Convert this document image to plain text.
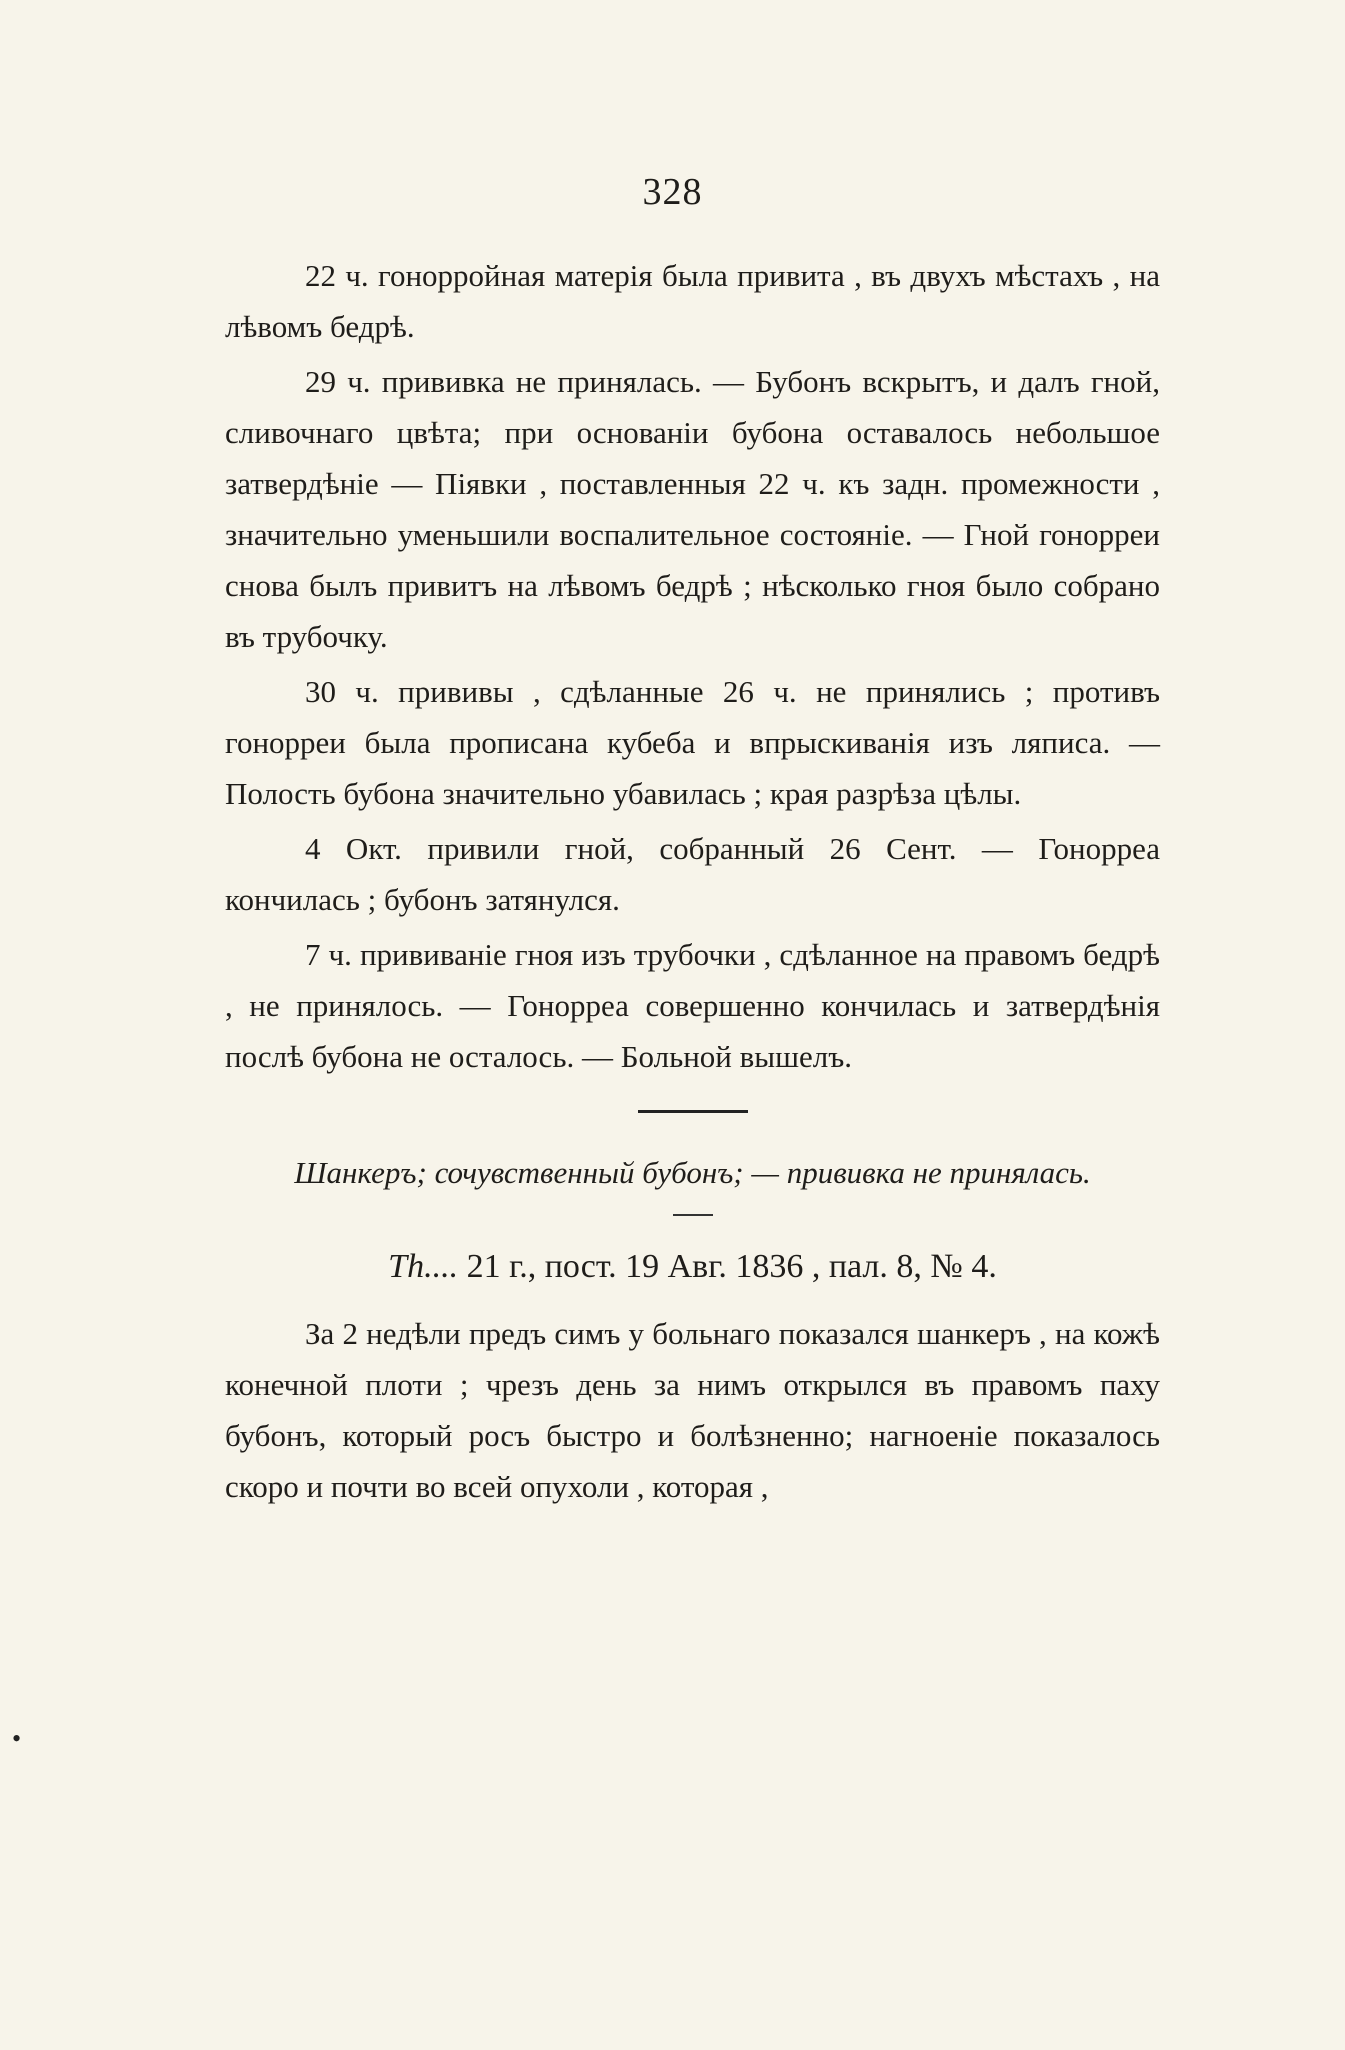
328

22 ч. гонорройная матерія была привита , въ двухъ мѣстахъ , на лѣвомъ бедрѣ.

29 ч. прививка не принялась. — Бубонъ вскрытъ, и далъ гной, сливочнаго цвѣта; при основаніи бубона оставалось небольшое затвердѣніе — Піявки , поставленныя 22 ч. къ задн. промежности , значительно уменьшили воспалительное состояніе. — Гной гонорреи снова былъ привитъ на лѣвомъ бедрѣ ; нѣсколько гноя было собрано въ трубочку.

30 ч. прививы , сдѣланные 26 ч. не принялись ; противъ гонорреи была прописана кубеба и впрыскиванія изъ ляписа. — Полость бубона значительно убавилась ; края разрѣза цѣлы.

4 Окт. привили гной, собранный 26 Сент. — Гонорреа кончилась ; бубонъ затянулся.

7 ч. прививаніе гноя изъ трубочки , сдѣланное на правомъ бедрѣ , не принялось. — Гонорреа совершенно кончилась и затвердѣнія послѣ бубона не осталось. — Больной вышелъ.

Шанкеръ; сочувственный бубонъ; — прививка не принялась.

Th.... 21 г., пост. 19 Авг. 1836 , пал. 8, № 4.

За 2 недѣли предъ симъ у больнаго показался шанкеръ , на кожѣ конечной плоти ; чрезъ день за нимъ открылся въ правомъ паху бубонъ, который росъ быстро и болѣзненно; нагноеніе показалось скоро и почти во всей опухоли , которая ,

•
